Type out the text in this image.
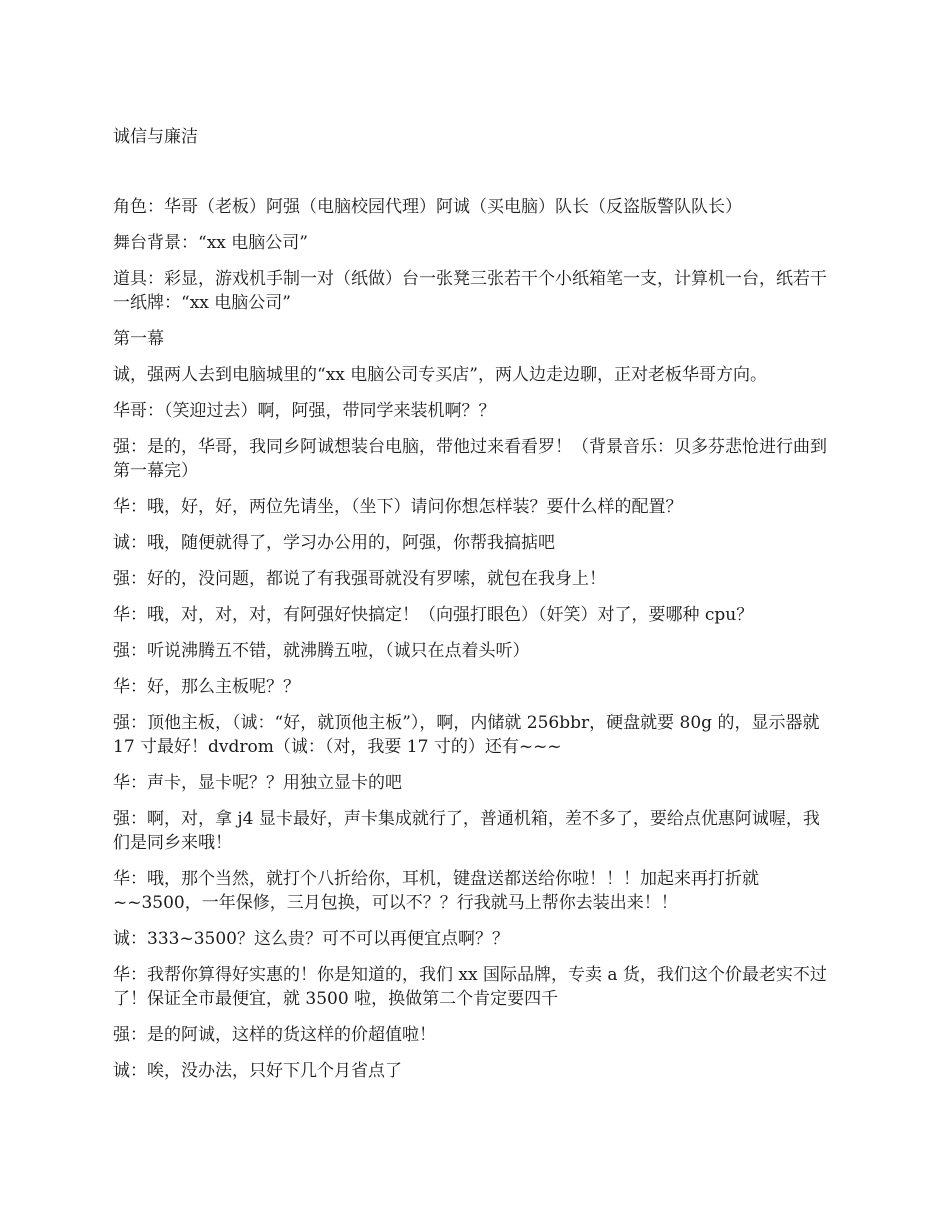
诚信与廉洁

角色：华哥（老板）阿强（电脑校园代理）阿诚（买电脑）队长（反盗版警队队长）

舞台背景：“xx 电脑公司”

道具：彩显，游戏机手制一对（纸做）台一张凳三张若干个小纸箱笔一支，计算机一台，纸若干一纸牌：“xx 电脑公司”

第一幕

诚，强两人去到电脑城里的“xx 电脑公司专买店”，两人边走边聊，正对老板华哥方向。

华哥：（笑迎过去）啊，阿强，带同学来装机啊？？

强：是的，华哥，我同乡阿诚想装台电脑，带他过来看看罗！（背景音乐：贝多芬悲怆进行曲到第一幕完）

华：哦，好，好，两位先请坐，（坐下）请问你想怎样装？要什么样的配置？

诚：哦，随便就得了，学习办公用的，阿强，你帮我搞掂吧

强：好的，没问题，都说了有我强哥就没有罗嗦，就包在我身上！

华：哦，对，对，对，有阿强好快搞定！（向强打眼色）（奸笑）对了，要哪种 cpu？

强：听说沸腾五不错，就沸腾五啦，（诚只在点着头听）

华：好，那么主板呢？？

强：顶他主板，（诚：“好，就顶他主板”），啊，内储就 256bbr，硬盘就要 80g 的，显示器就 17 寸最好！dvdrom（诚：（对，我要 17 寸的）还有~~~

华：声卡，显卡呢？？用独立显卡的吧

强：啊，对，拿 j4 显卡最好，声卡集成就行了，普通机箱，差不多了，要给点优惠阿诚喔，我们是同乡来哦！

华：哦，那个当然，就打个八折给你，耳机，键盘送都送给你啦！！！加起来再打折就~~3500，一年保修，三月包换，可以不？？行我就马上帮你去装出来！！

诚：333~3500？这么贵？可不可以再便宜点啊？？

华：我帮你算得好实惠的！你是知道的，我们 xx 国际品牌，专卖 a 货，我们这个价最老实不过了！保证全市最便宜，就 3500 啦，换做第二个肯定要四千

强：是的阿诚，这样的货这样的价超值啦！

诚：唉，没办法，只好下几个月省点了
